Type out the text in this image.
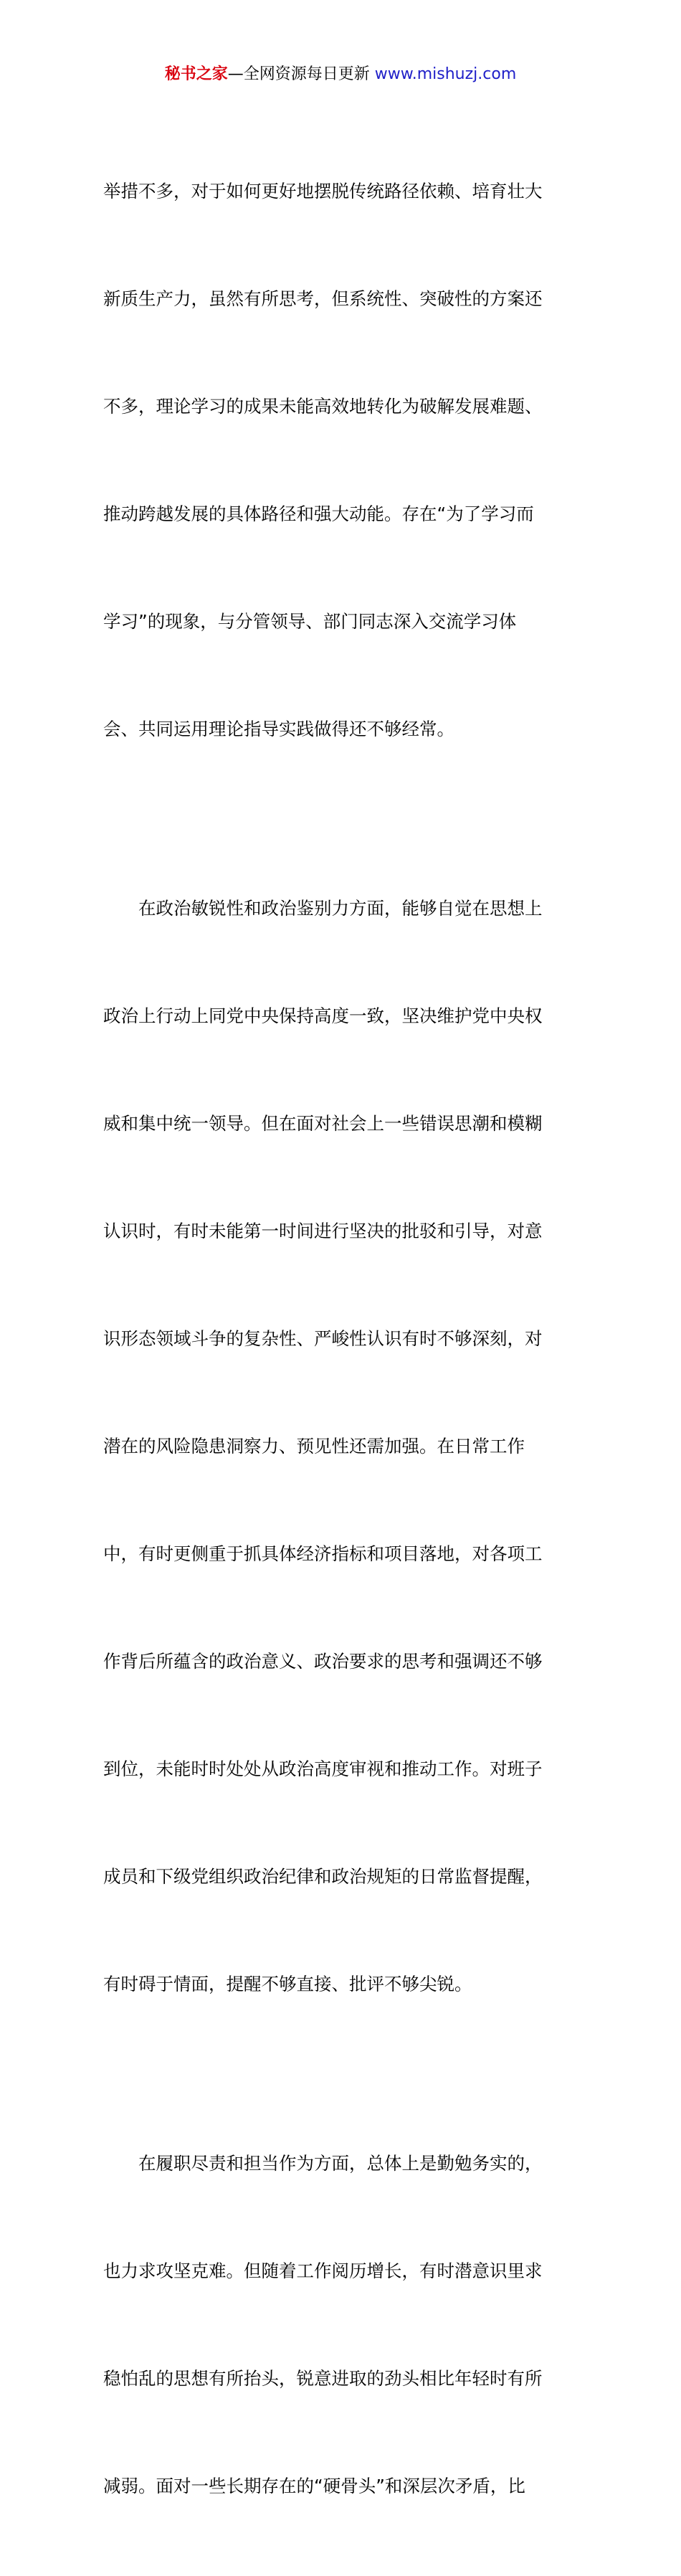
秘书之家—全网资源每日更新 www.mishuzj.com

举措不多，对于如何更好地摆脱传统路径依赖、培育壮大

新质生产力，虽然有所思考，但系统性、突破性的方案还

不多，理论学习的成果未能高效地转化为破解发展难题、

推动跨越发展的具体路径和强大动能。存在“为了学习而

学习”的现象，与分管领导、部门同志深入交流学习体

会、共同运用理论指导实践做得还不够经常。

　　在政治敏锐性和政治鉴别力方面，能够自觉在思想上

政治上行动上同党中央保持高度一致，坚决维护党中央权

威和集中统一领导。但在面对社会上一些错误思潮和模糊

认识时，有时未能第一时间进行坚决的批驳和引导，对意

识形态领域斗争的复杂性、严峻性认识有时不够深刻，对

潜在的风险隐患洞察力、预见性还需加强。在日常工作

中，有时更侧重于抓具体经济指标和项目落地，对各项工

作背后所蕴含的政治意义、政治要求的思考和强调还不够

到位，未能时时处处从政治高度审视和推动工作。对班子

成员和下级党组织政治纪律和政治规矩的日常监督提醒，

有时碍于情面，提醒不够直接、批评不够尖锐。

　　在履职尽责和担当作为方面，总体上是勤勉务实的，

也力求攻坚克难。但随着工作阅历增长，有时潜意识里求

稳怕乱的思想有所抬头，锐意进取的劲头相比年轻时有所

减弱。面对一些长期存在的“硬骨头”和深层次矛盾，比
